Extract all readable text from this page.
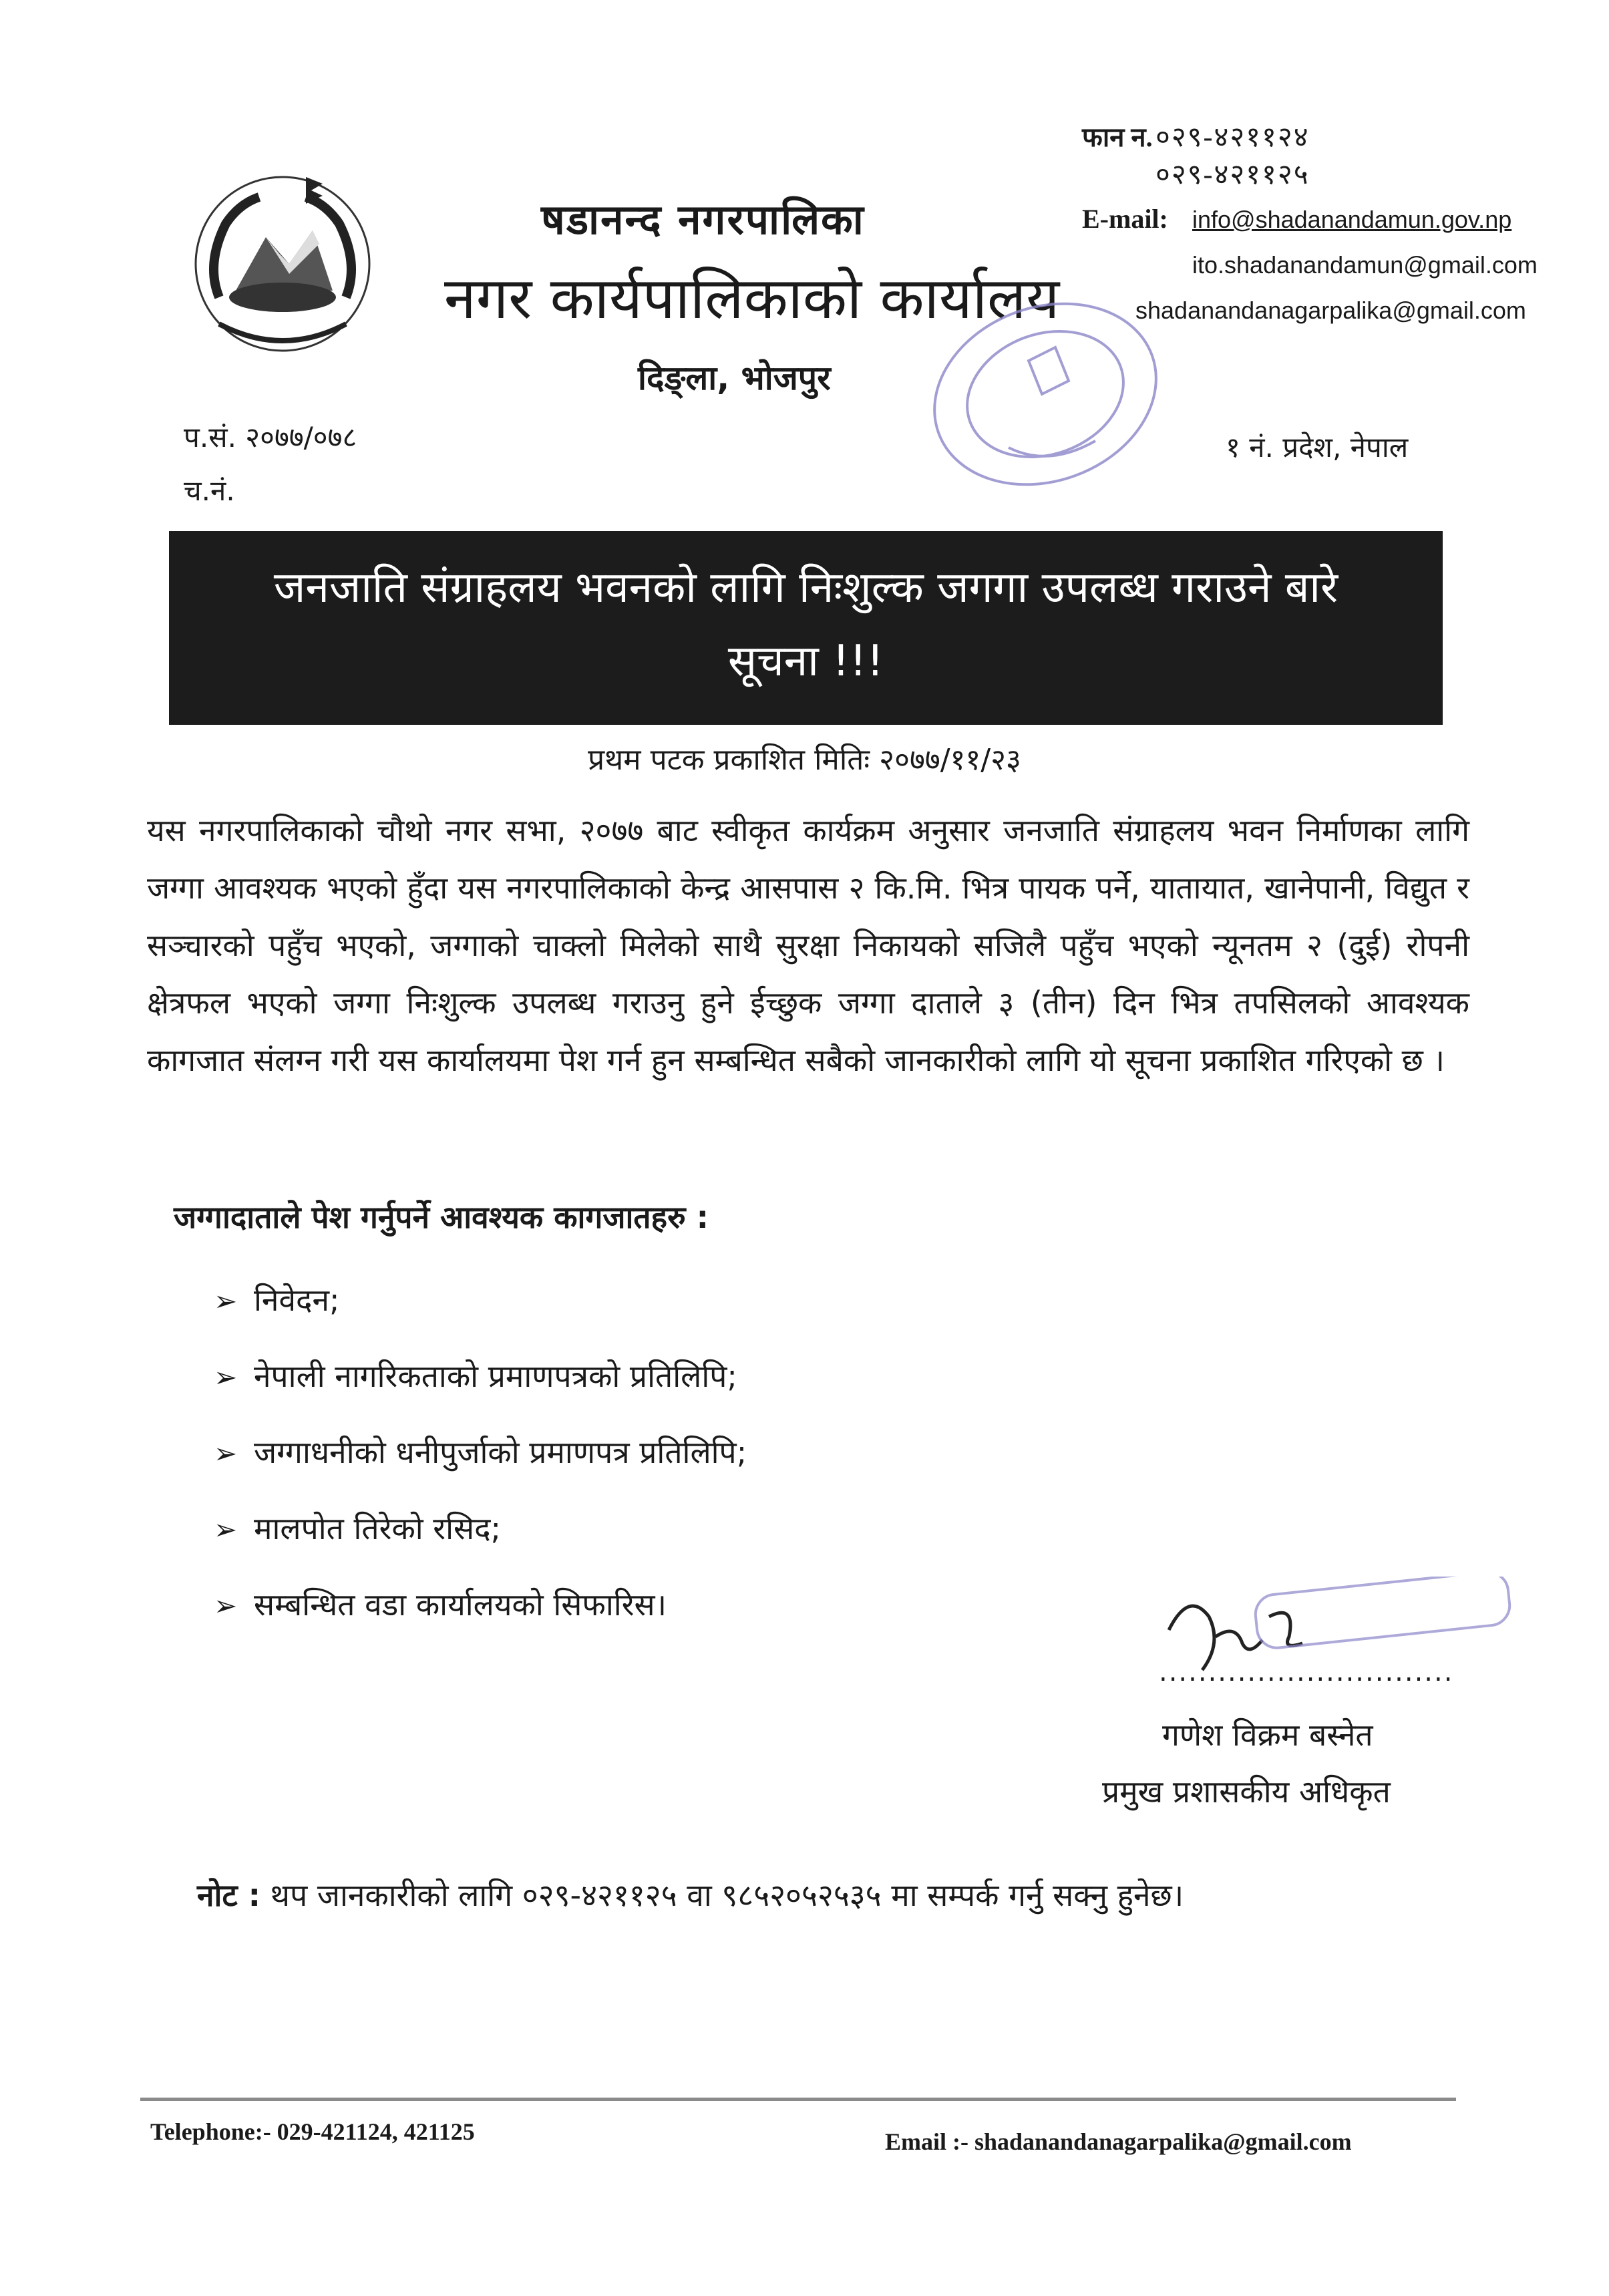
षडानन्द नगरपालिका
नगर कार्यपालिकाको कार्यालय
दिङ्ला, भोजपुर
फान न. ०२९-४२११२४
०२९-४२११२५
E-mail:	info@shadanandamun.gov.np
ito.shadanandamun@gmail.com
shadanandanagarpalika@gmail.com
प.सं. २०७७/०७८
च.नं.
१ नं. प्रदेश, नेपाल
जनजाति संग्राहलय भवनको लागि निःशुल्क जगगा उपलब्ध गराउने बारे
सूचना !!!
प्रथम पटक प्रकाशित मितिः २०७७/११/२३
यस नगरपालिकाको चौथो नगर सभा, २०७७ बाट स्वीकृत कार्यक्रम अनुसार जनजाति संग्राहलय भवन निर्माणका लागि जग्गा आवश्यक भएको हुँदा यस नगरपालिकाको केन्द्र आसपास २ कि.मि. भित्र पायक पर्ने, यातायात, खानेपानी, विद्युत र सञ्चारको पहुँच भएको, जग्गाको चाक्लो मिलेको साथै सुरक्षा निकायको सजिलै पहुँच भएको न्यूनतम २ (दुई) रोपनी क्षेत्रफल भएको जग्गा निःशुल्क उपलब्ध गराउनु हुने ईच्छुक जग्गा दाताले ३ (तीन) दिन भित्र तपसिलको आवश्यक कागजात संलग्न गरी यस कार्यालयमा पेश गर्न हुन सम्बन्धित सबैको जानकारीको लागि यो सूचना प्रकाशित गरिएको छ ।
जग्गादाताले पेश गर्नुपर्ने आवश्यक कागजातहरु :
➢ निवेदन;
➢ नेपाली नागरिकताको प्रमाणपत्रको प्रतिलिपि;
➢ जग्गाधनीको धनीपुर्जाको प्रमाणपत्र प्रतिलिपि;
➢ मालपोत तिरेको रसिद;
➢ सम्बन्धित वडा कार्यालयको सिफारिस।
..............................
गणेश विक्रम बस्नेत
प्रमुख प्रशासकीय अधिकृत
नोट : थप जानकारीको लागि ०२९-४२११२५ वा ९८५२०५२५३५ मा सम्पर्क गर्नु सक्नु हुनेछ।
Telephone:- 029-421124, 421125	Email :- shadanandanagarpalika@gmail.com
